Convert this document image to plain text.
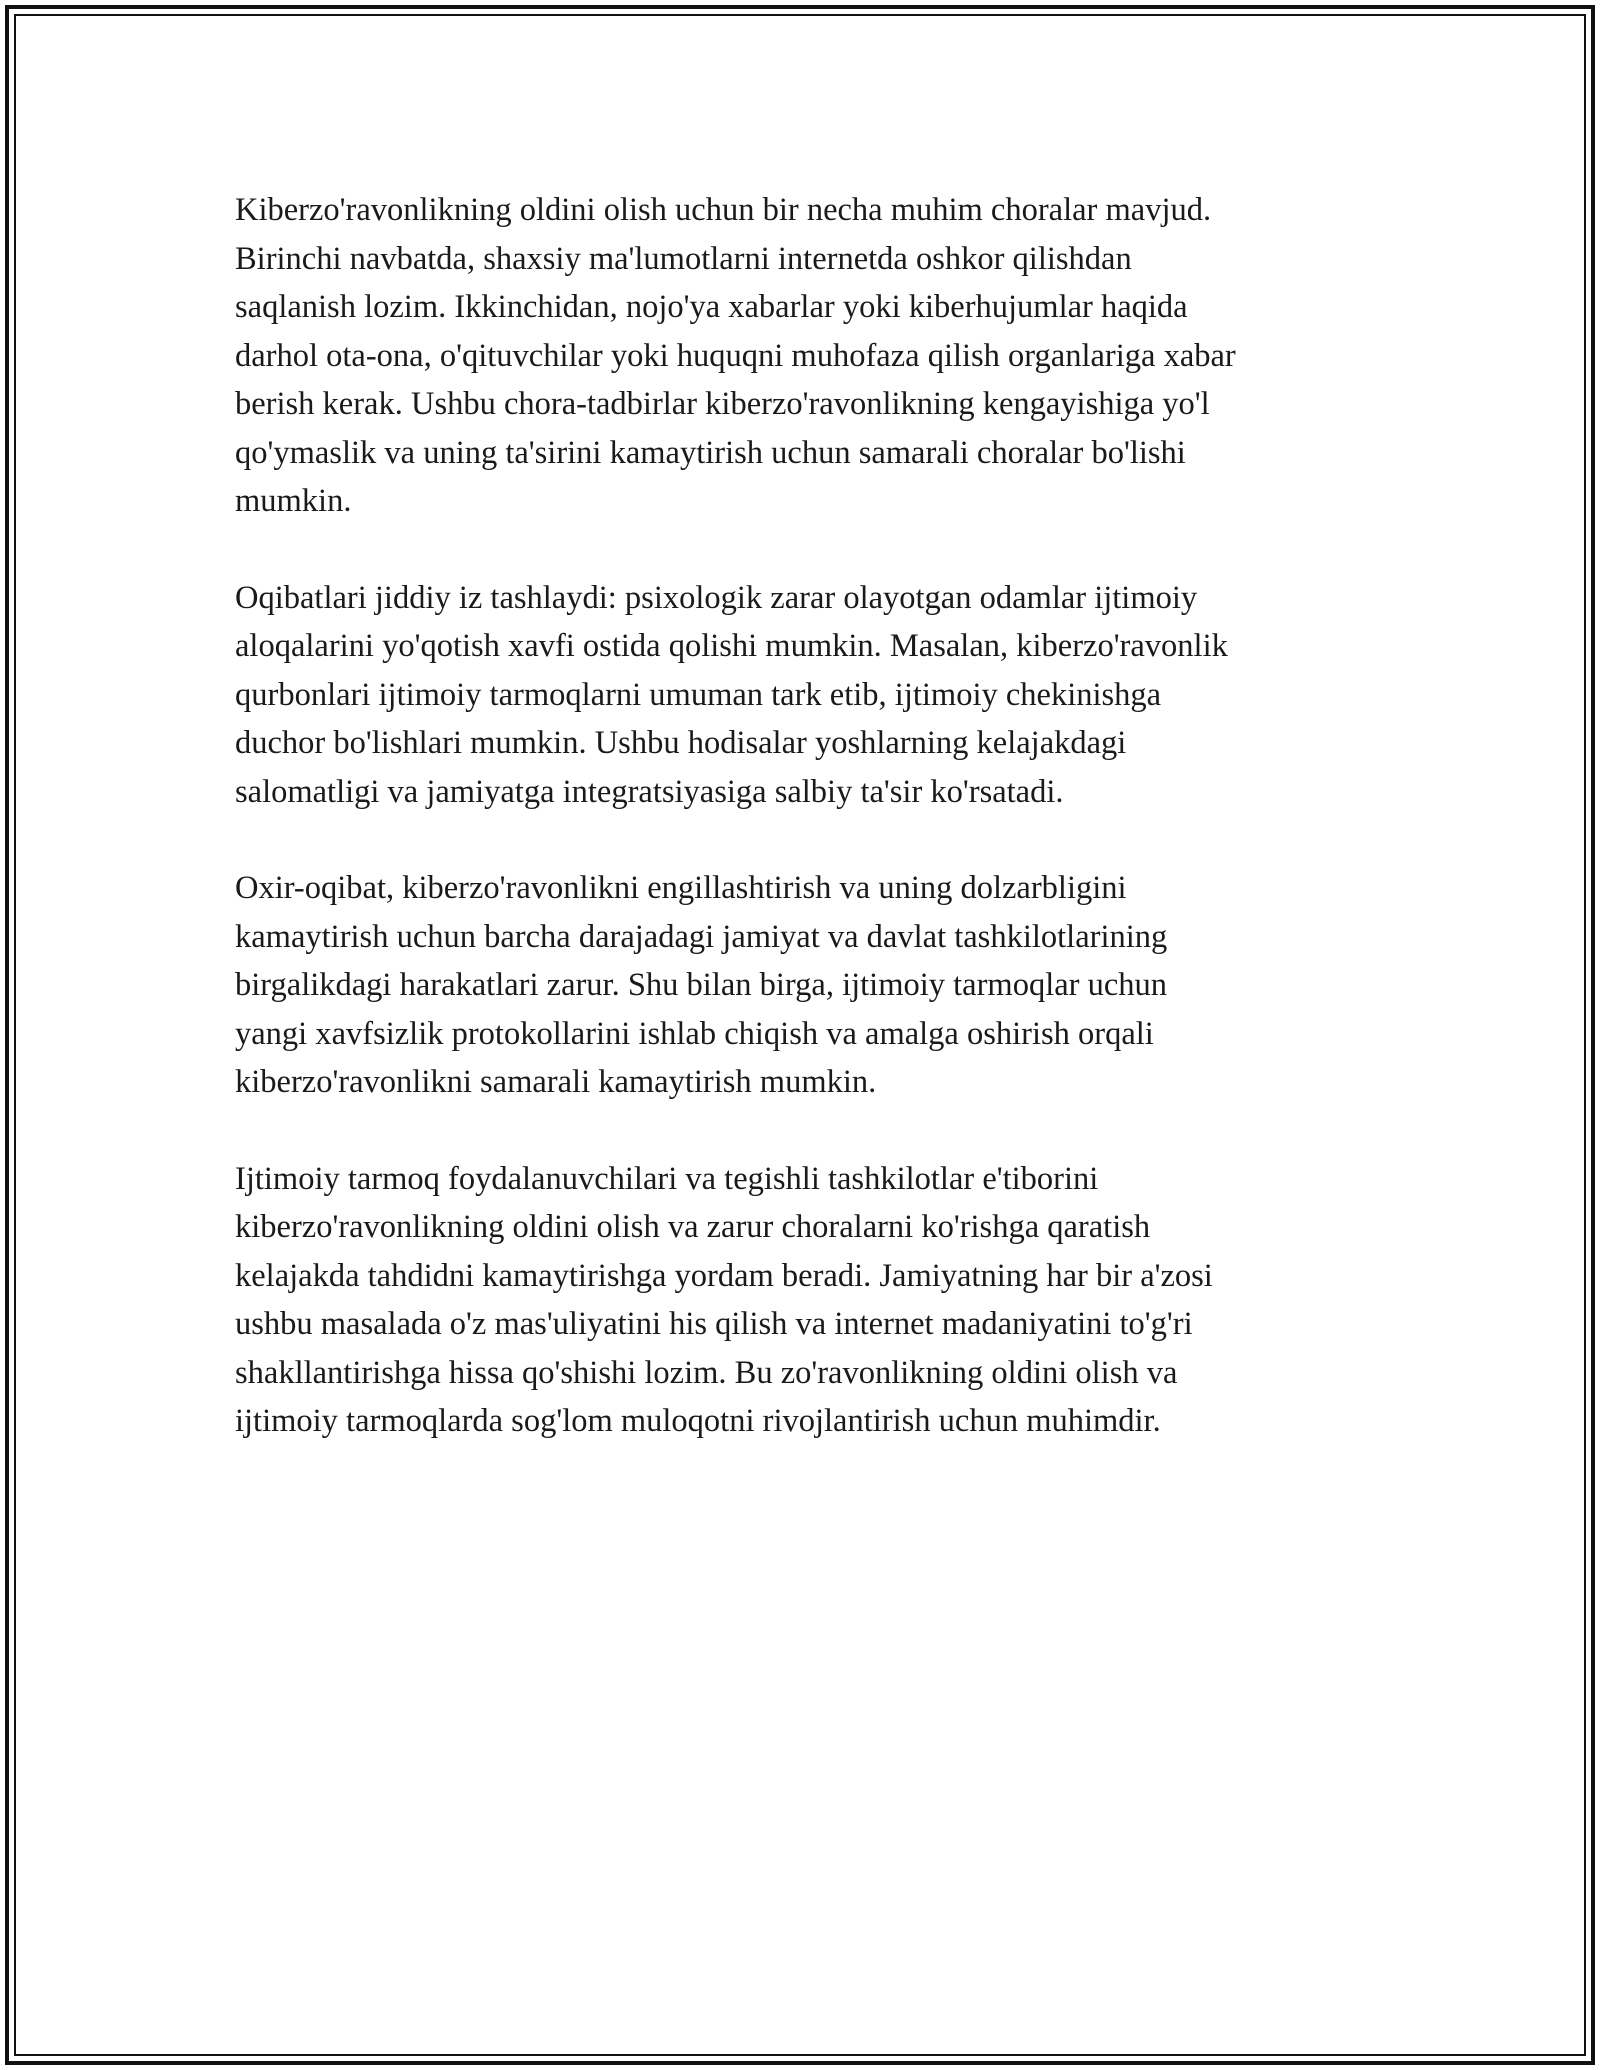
Kiberzo'ravonlikning oldini olish uchun bir necha muhim choralar mavjud.
Birinchi navbatda, shaxsiy ma'lumotlarni internetda oshkor qilishdan
saqlanish lozim. Ikkinchidan, nojo'ya xabarlar yoki kiberhujumlar haqida
darhol ota-ona, o'qituvchilar yoki huquqni muhofaza qilish organlariga xabar
berish kerak. Ushbu chora-tadbirlar kiberzo'ravonlikning kengayishiga yo'l
qo'ymaslik va uning ta'sirini kamaytirish uchun samarali choralar bo'lishi
mumkin.

Oqibatlari jiddiy iz tashlaydi: psixologik zarar olayotgan odamlar ijtimoiy
aloqalarini yo'qotish xavfi ostida qolishi mumkin. Masalan, kiberzo'ravonlik
qurbonlari ijtimoiy tarmoqlarni umuman tark etib, ijtimoiy chekinishga
duchor bo'lishlari mumkin. Ushbu hodisalar yoshlarning kelajakdagi
salomatligi va jamiyatga integratsiyasiga salbiy ta'sir ko'rsatadi.

Oxir-oqibat, kiberzo'ravonlikni engillashtirish va uning dolzarbligini
kamaytirish uchun barcha darajadagi jamiyat va davlat tashkilotlarining
birgalikdagi harakatlari zarur. Shu bilan birga, ijtimoiy tarmoqlar uchun
yangi xavfsizlik protokollarini ishlab chiqish va amalga oshirish orqali
kiberzo'ravonlikni samarali kamaytirish mumkin.

Ijtimoiy tarmoq foydalanuvchilari va tegishli tashkilotlar e'tiborini
kiberzo'ravonlikning oldini olish va zarur choralarni ko'rishga qaratish
kelajakda tahdidni kamaytirishga yordam beradi. Jamiyatning har bir a'zosi
ushbu masalada o'z mas'uliyatini his qilish va internet madaniyatini to'g'ri
shakllantirishga hissa qo'shishi lozim. Bu zo'ravonlikning oldini olish va
ijtimoiy tarmoqlarda sog'lom muloqotni rivojlantirish uchun muhimdir.
